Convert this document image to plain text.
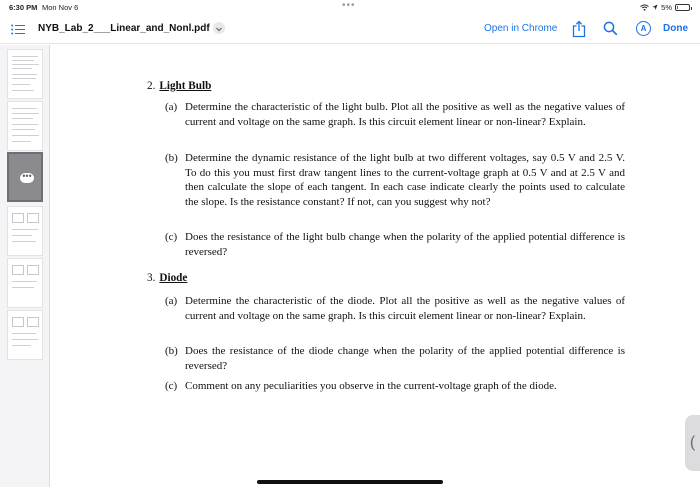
6:30 PM Mon Nov 6	•••	5%
NYB_Lab_2___Linear_and_Nonl.pdf	Open in Chrome	A	Done
•••
2. Light Bulb
(a) Determine the characteristic of the light bulb. Plot all the positive as well as the negative values of current and voltage on the same graph. Is this circuit element linear or non-linear? Explain.
(b) Determine the dynamic resistance of the light bulb at two different voltages, say 0.5 V and 2.5 V. To do this you must first draw tangent lines to the current-voltage graph at 0.5 V and at 2.5 V and then calculate the slope of each tangent. In each case indicate clearly the points used to calculate the slope. Is the resistance constant? If not, can you suggest why not?
(c) Does the resistance of the light bulb change when the polarity of the applied potential difference is reversed?
3. Diode
(a) Determine the characteristic of the diode. Plot all the positive as well as the negative values of current and voltage on the same graph. Is this circuit element linear or non-linear? Explain.
(b) Does the resistance of the diode change when the polarity of the applied potential difference is reversed?
(c) Comment on any peculiarities you observe in the current-voltage graph of the diode.
(
